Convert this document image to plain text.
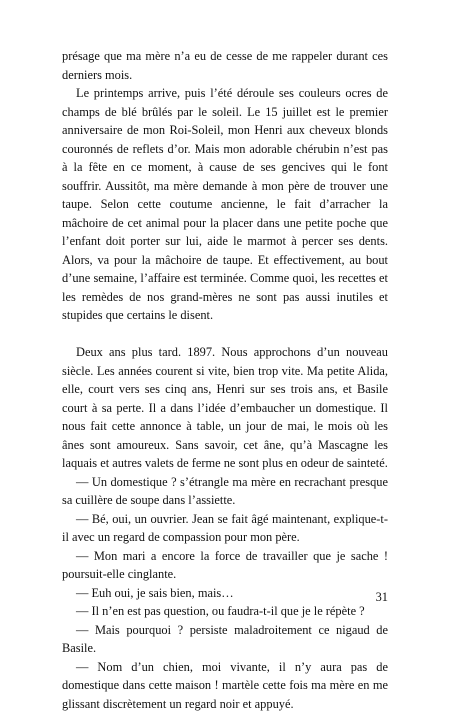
présage que ma mère n’a eu de cesse de me rappeler durant ces derniers mois.

Le printemps arrive, puis l’été déroule ses couleurs ocres de champs de blé brûlés par le soleil. Le 15 juillet est le premier anniversaire de mon Roi-Soleil, mon Henri aux cheveux blonds couronnés de reflets d’or. Mais mon adorable chérubin n’est pas à la fête en ce moment, à cause de ses gencives qui le font souffrir. Aussitôt, ma mère demande à mon père de trouver une taupe. Selon cette coutume ancienne, le fait d’arracher la mâchoire de cet animal pour la placer dans une petite poche que l’enfant doit porter sur lui, aide le marmot à percer ses dents. Alors, va pour la mâchoire de taupe. Et effectivement, au bout d’une semaine, l’affaire est terminée. Comme quoi, les recettes et les remèdes de nos grand-mères ne sont pas aussi inutiles et stupides que certains le disent.

Deux ans plus tard. 1897. Nous approchons d’un nouveau siècle. Les années courent si vite, bien trop vite. Ma petite Alida, elle, court vers ses cinq ans, Henri sur ses trois ans, et Basile court à sa perte. Il a dans l’idée d’embaucher un domestique. Il nous fait cette annonce à table, un jour de mai, le mois où les ânes sont amoureux. Sans savoir, cet âne, qu’à Mascagne les laquais et autres valets de ferme ne sont plus en odeur de sainteté.

— Un domestique ? s’étrangle ma mère en recrachant presque sa cuillère de soupe dans l’assiette.

— Bé, oui, un ouvrier. Jean se fait âgé maintenant, explique-t-il avec un regard de compassion pour mon père.

— Mon mari a encore la force de travailler que je sache ! poursuit-elle cinglante.

— Euh oui, je sais bien, mais…

— Il n’en est pas question, ou faudra-t-il que je le répète ?

— Mais pourquoi ? persiste maladroitement ce nigaud de Basile.

— Nom d’un chien, moi vivante, il n’y aura pas de domestique dans cette maison ! martèle cette fois ma mère en me glissant discrètement un regard noir et appuyé.

31
